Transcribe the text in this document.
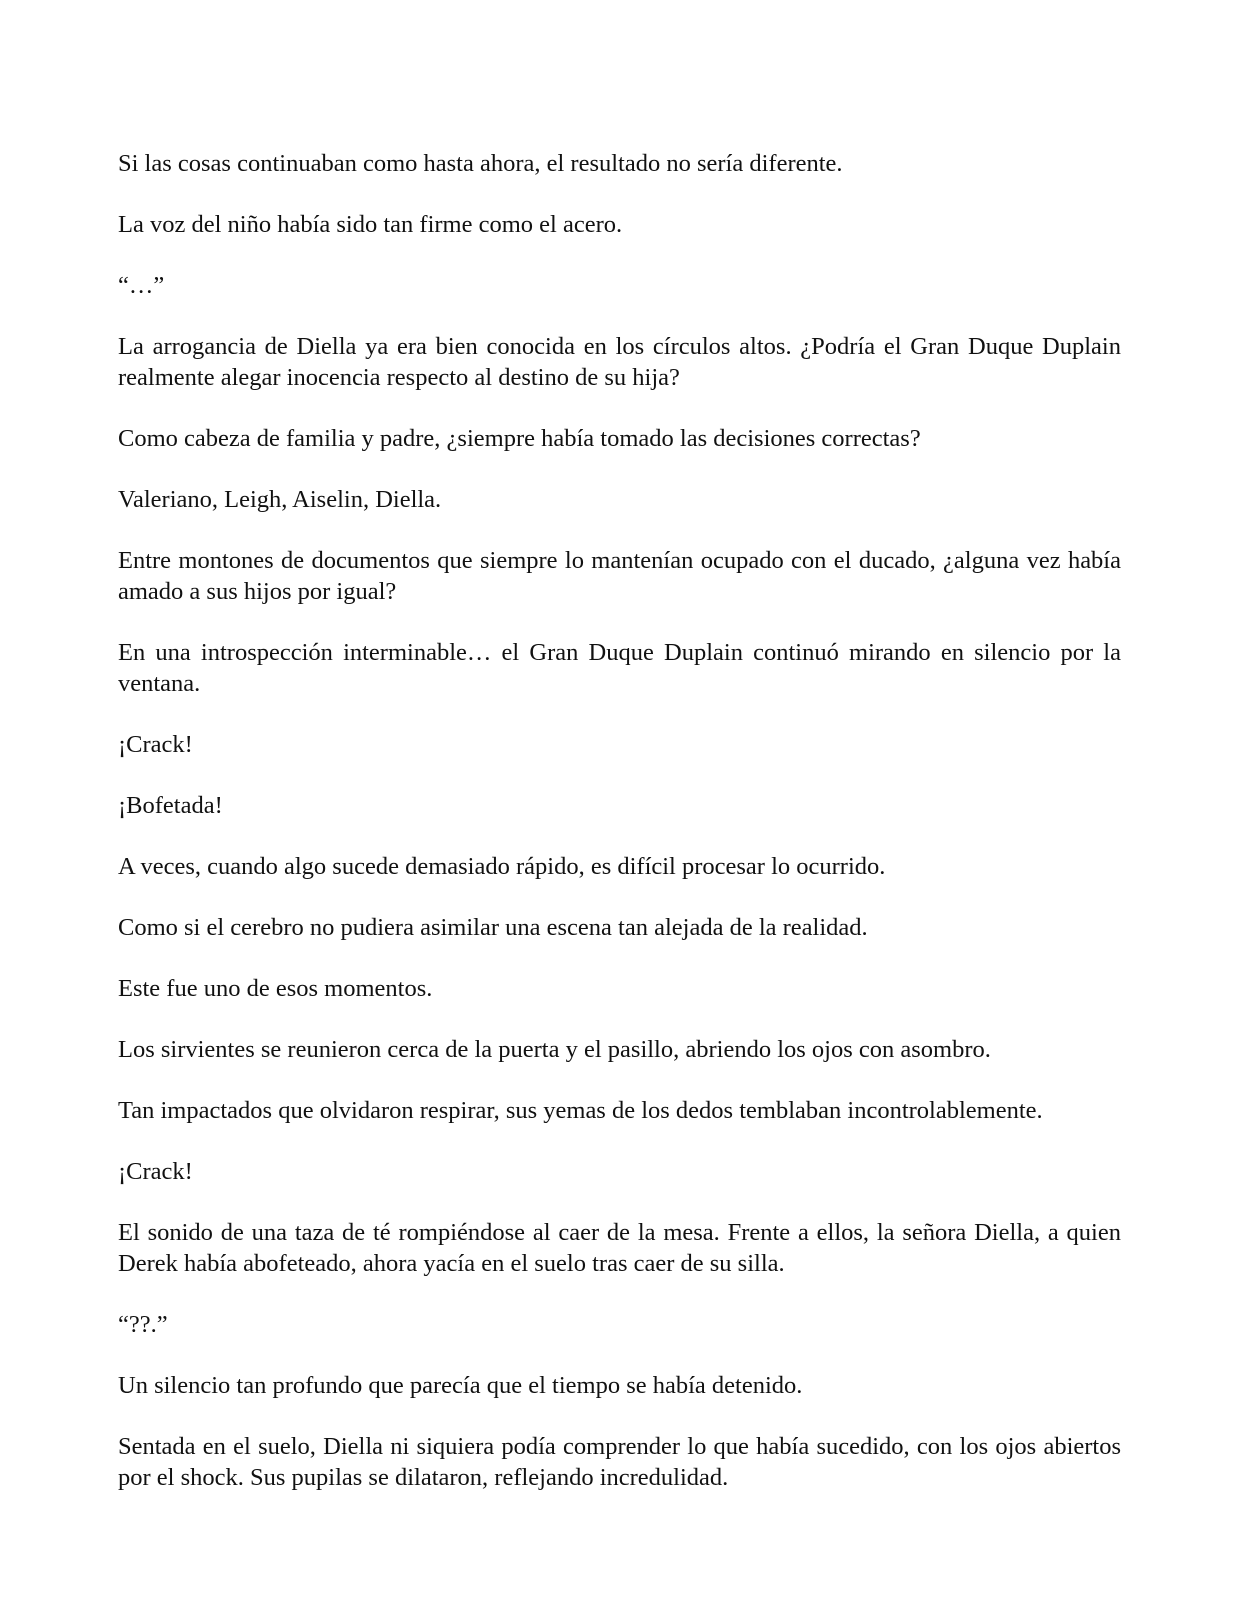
Si las cosas continuaban como hasta ahora, el resultado no sería diferente.

La voz del niño había sido tan firme como el acero.

“…”

La arrogancia de Diella ya era bien conocida en los círculos altos. ¿Podría el Gran Duque Duplain realmente alegar inocencia respecto al destino de su hija?

Como cabeza de familia y padre, ¿siempre había tomado las decisiones correctas?

Valeriano, Leigh, Aiselin, Diella.

Entre montones de documentos que siempre lo mantenían ocupado con el ducado, ¿alguna vez había amado a sus hijos por igual?

En una introspección interminable… el Gran Duque Duplain continuó mirando en silencio por la ventana.

¡Crack!

¡Bofetada!

A veces, cuando algo sucede demasiado rápido, es difícil procesar lo ocurrido.

Como si el cerebro no pudiera asimilar una escena tan alejada de la realidad.

Este fue uno de esos momentos.

Los sirvientes se reunieron cerca de la puerta y el pasillo, abriendo los ojos con asombro.

Tan impactados que olvidaron respirar, sus yemas de los dedos temblaban incontrolablemente.

¡Crack!

El sonido de una taza de té rompiéndose al caer de la mesa. Frente a ellos, la señora Diella, a quien Derek había abofeteado, ahora yacía en el suelo tras caer de su silla.

“??.”

Un silencio tan profundo que parecía que el tiempo se había detenido.

Sentada en el suelo, Diella ni siquiera podía comprender lo que había sucedido, con los ojos abiertos por el shock. Sus pupilas se dilataron, reflejando incredulidad.
